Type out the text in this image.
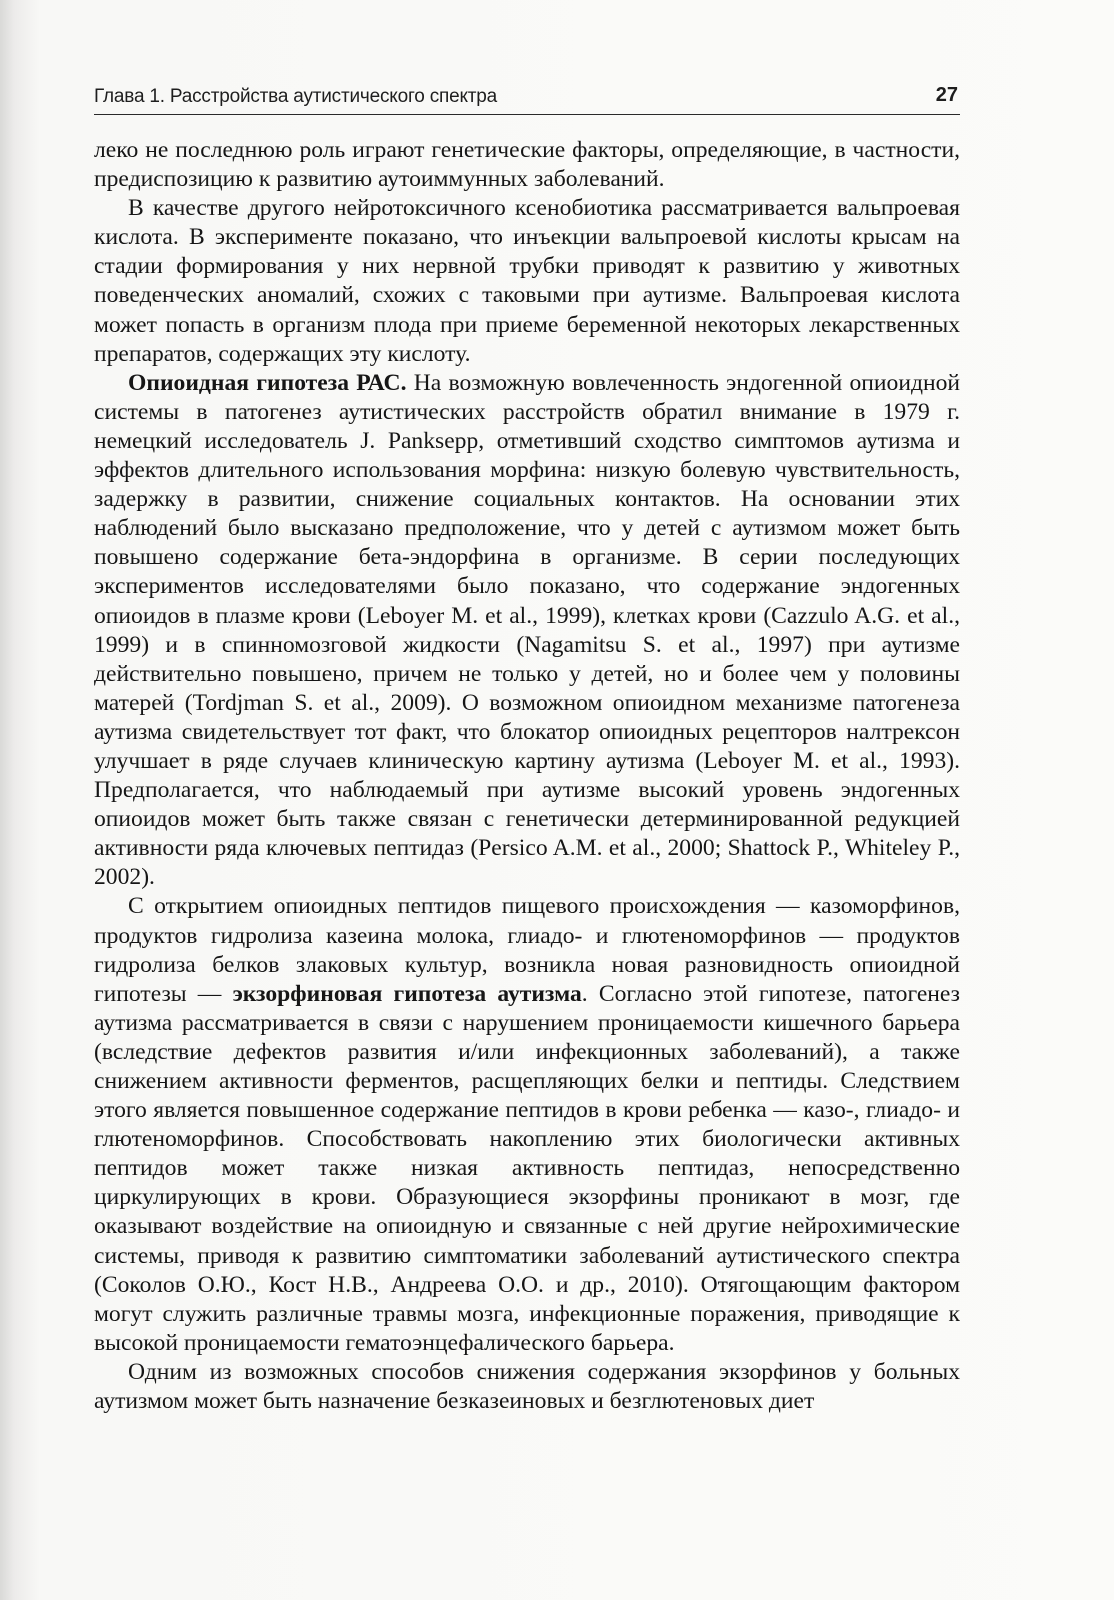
Глава 1. Расстройства аутистического спектра	27

леко не последнюю роль играют генетические факторы, определяющие, в частности, предиспозицию к развитию аутоиммунных заболеваний.

В качестве другого нейротоксичного ксенобиотика рассматривается вальпроевая кислота. В эксперименте показано, что инъекции вальпроевой кислоты крысам на стадии формирования у них нервной трубки приводят к развитию у животных поведенческих аномалий, схожих с таковыми при аутизме. Вальпроевая кислота может попасть в организм плода при приеме беременной некоторых лекарственных препаратов, содержащих эту кислоту.

Опиоидная гипотеза РАС. На возможную вовлеченность эндогенной опиоидной системы в патогенез аутистических расстройств обратил внимание в 1979 г. немецкий исследователь J. Panksepp, отметивший сходство симптомов аутизма и эффектов длительного использования морфина: низкую болевую чувствительность, задержку в развитии, снижение социальных контактов. На основании этих наблюдений было высказано предположение, что у детей с аутизмом может быть повышено содержание бета-эндорфина в организме. В серии последующих экспериментов исследователями было показано, что содержание эндогенных опиоидов в плазме крови (Leboyer M. et al., 1999), клетках крови (Cazzulo A.G. et al., 1999) и в спинномозговой жидкости (Nagamitsu S. et al., 1997) при аутизме действительно повышено, причем не только у детей, но и более чем у половины матерей (Tordjman S. et al., 2009). О возможном опиоидном механизме патогенеза аутизма свидетельствует тот факт, что блокатор опиоидных рецепторов налтрексон улучшает в ряде случаев клиническую картину аутизма (Leboyer M. et al., 1993). Предполагается, что наблюдаемый при аутизме высокий уровень эндогенных опиоидов может быть также связан с генетически детерминированной редукцией активности ряда ключевых пептидаз (Persico A.M. et al., 2000; Shattock P., Whiteley P., 2002).

С открытием опиоидных пептидов пищевого происхождения — казоморфинов, продуктов гидролиза казеина молока, глиадо- и глютеноморфинов — продуктов гидролиза белков злаковых культур, возникла новая разновидность опиоидной гипотезы — экзорфиновая гипотеза аутизма. Согласно этой гипотезе, патогенез аутизма рассматривается в связи с нарушением проницаемости кишечного барьера (вследствие дефектов развития и/или инфекционных заболеваний), а также снижением активности ферментов, расщепляющих белки и пептиды. Следствием этого является повышенное содержание пептидов в крови ребенка — казо-, глиадо- и глютеноморфинов. Способствовать накоплению этих биологически активных пептидов может также низкая активность пептидаз, непосредственно циркулирующих в крови. Образующиеся экзорфины проникают в мозг, где оказывают воздействие на опиоидную и связанные с ней другие нейрохимические системы, приводя к развитию симптоматики заболеваний аутистического спектра (Соколов О.Ю., Кост Н.В., Андреева О.О. и др., 2010). Отягощающим фактором могут служить различные травмы мозга, инфекционные поражения, приводящие к высокой проницаемости гематоэнцефалического барьера.

Одним из возможных способов снижения содержания экзорфинов у больных аутизмом может быть назначение безказеиновых и безглютеновых диет
